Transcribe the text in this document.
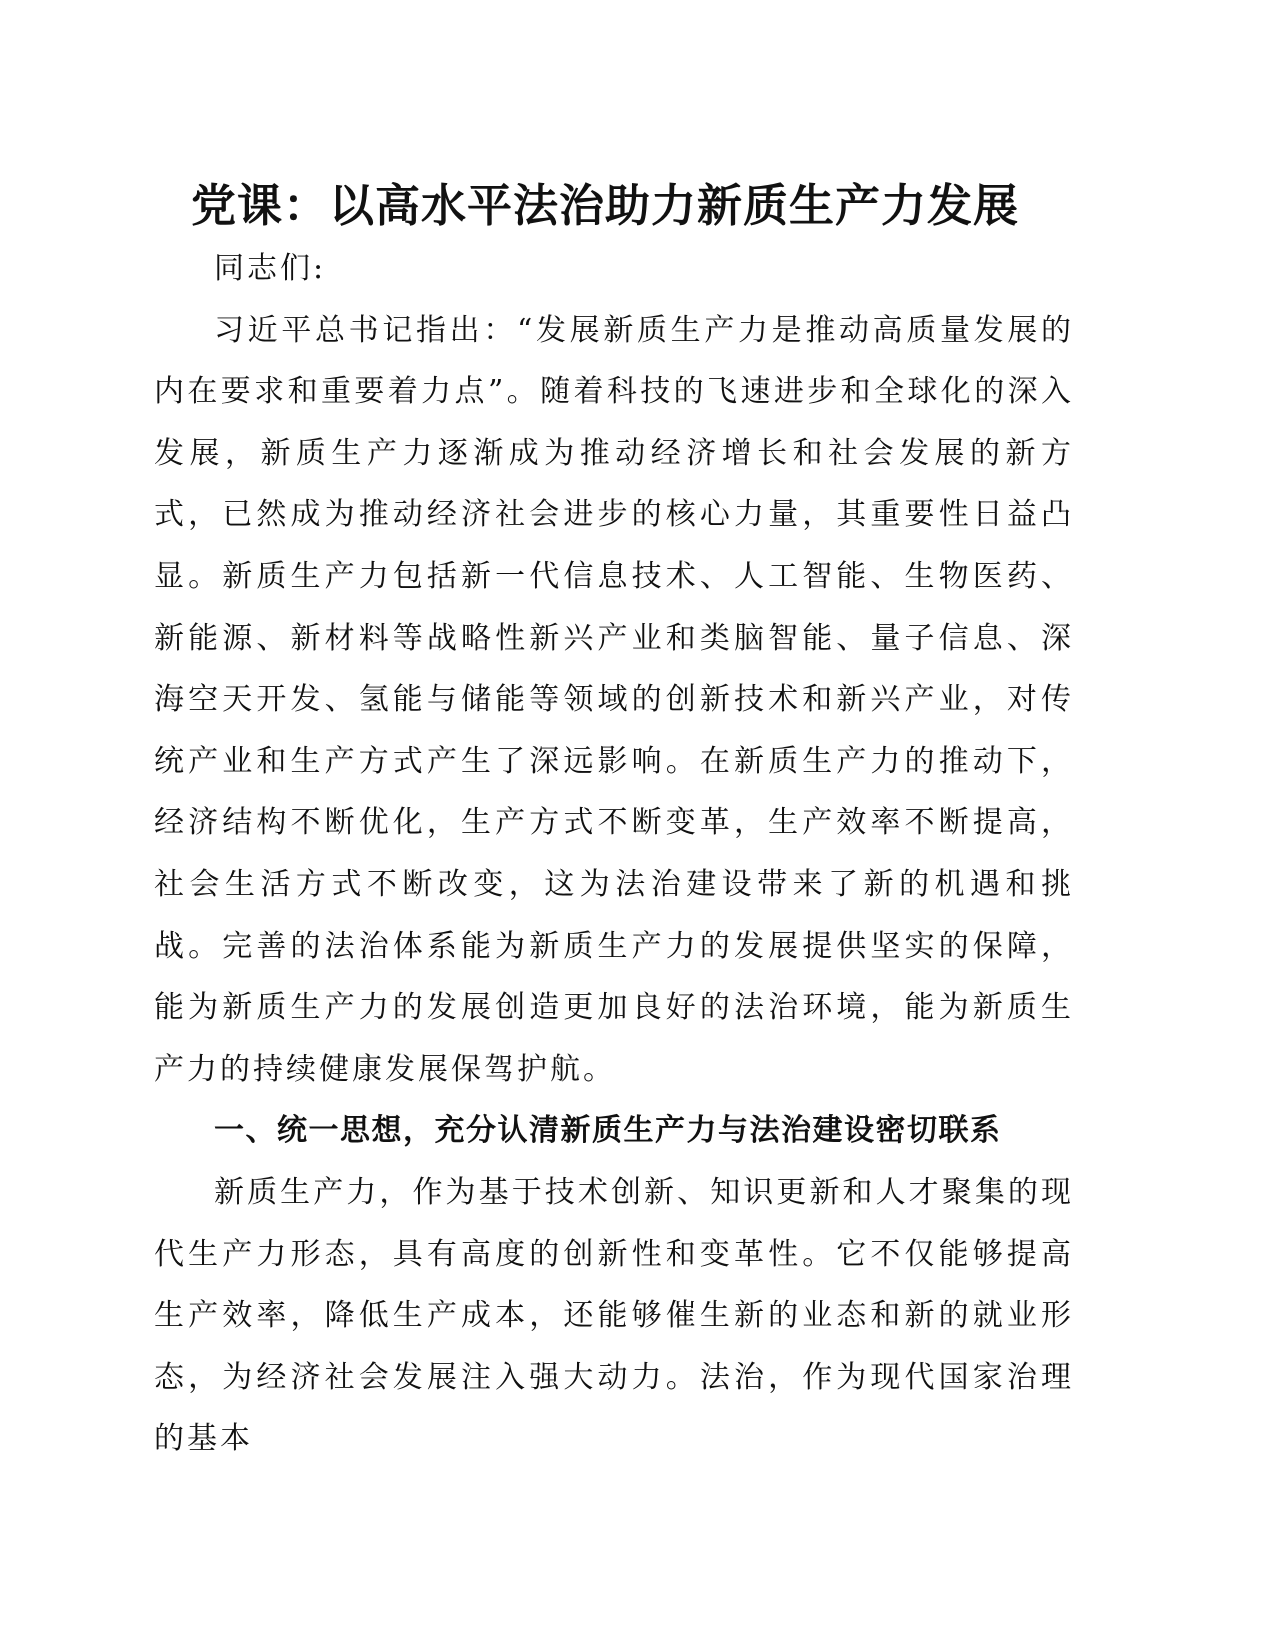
党课：以高水平法治助力新质生产力发展

同志们:

习近平总书记指出：“发展新质生产力是推动高质量发展的内在要求和重要着力点”。随着科技的飞速进步和全球化的深入发展，新质生产力逐渐成为推动经济增长和社会发展的新方式，已然成为推动经济社会进步的核心力量，其重要性日益凸显。新质生产力包括新一代信息技术、人工智能、生物医药、新能源、新材料等战略性新兴产业和类脑智能、量子信息、深海空天开发、氢能与储能等领域的创新技术和新兴产业，对传统产业和生产方式产生了深远影响。在新质生产力的推动下，经济结构不断优化，生产方式不断变革，生产效率不断提高，社会生活方式不断改变，这为法治建设带来了新的机遇和挑战。完善的法治体系能为新质生产力的发展提供坚实的保障，能为新质生产力的发展创造更加良好的法治环境，能为新质生产力的持续健康发展保驾护航。

一、统一思想，充分认清新质生产力与法治建设密切联系

新质生产力，作为基于技术创新、知识更新和人才聚集的现代生产力形态，具有高度的创新性和变革性。它不仅能够提高生产效率，降低生产成本，还能够催生新的业态和新的就业形态，为经济社会发展注入强大动力。法治，作为现代国家治理的基本
